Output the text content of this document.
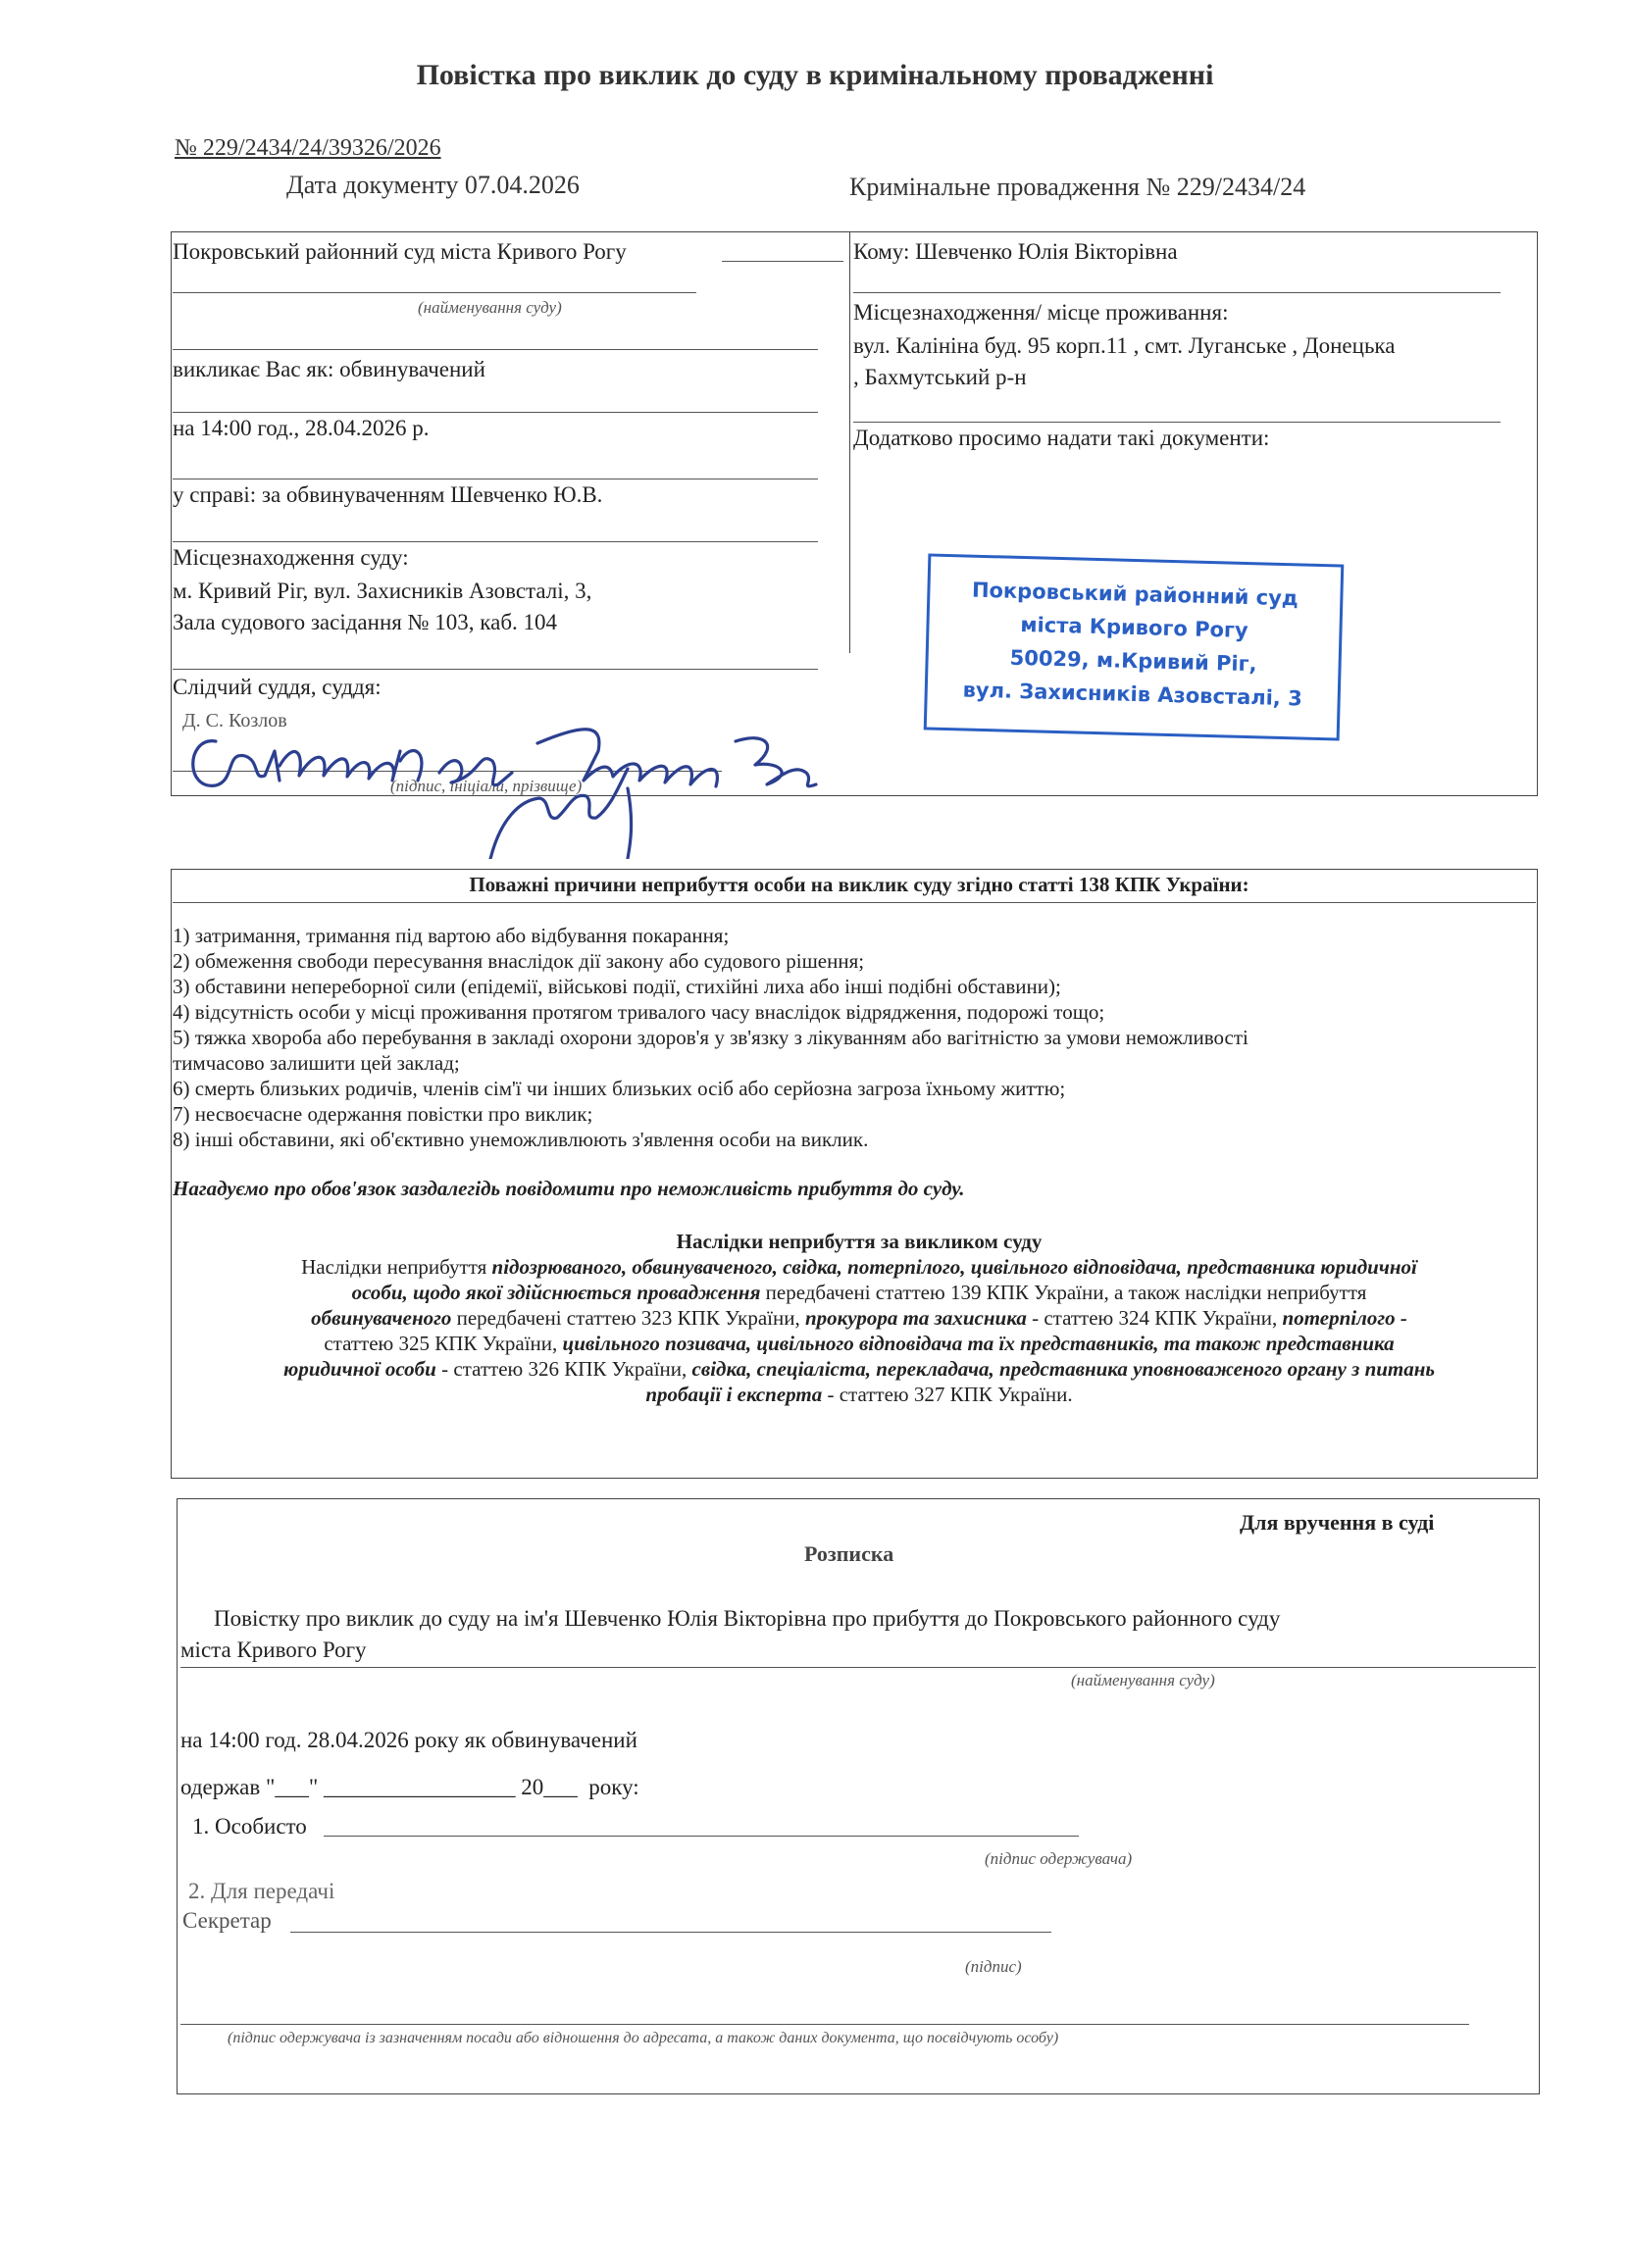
Повістка про виклик до суду в кримінальному провадженні
№ 229/2434/24/39326/2026
Дата документу 07.04.2026	Кримінальне провадження № 229/2434/24
Покровський районний суд міста Кривого Рогу
(найменування суду)
викликає Вас як: обвинувачений
на 14:00 год., 28.04.2026 р.
у справі: за обвинуваченням Шевченко Ю.В.
Місцезнаходження суду:
м. Кривий Ріг, вул. Захисників Азовсталі, 3,
Зала судового засідання № 103, каб. 104
Слідчий суддя, суддя:
Д. С. Козлов
(підпис, ініціали, прізвище)
Кому: Шевченко Юлія Вікторівна
Місцезнаходження/ місце проживання:
вул. Калініна буд. 95 корп.11 , смт. Луганське , Донецька
, Бахмутський р-н
Додатково просимо надати такі документи:
Покровський районний суд
міста Кривого Рогу
50029, м.Кривий Ріг,
вул. Захисників Азовсталі, 3
Поважні причини неприбуття особи на виклик суду згідно статті 138 КПК України:
1) затримання, тримання під вартою або відбування покарання;
2) обмеження свободи пересування внаслідок дії закону або судового рішення;
3) обставини непереборної сили (епідемії, військові події, стихійні лиха або інші подібні обставини);
4) відсутність особи у місці проживання протягом тривалого часу внаслідок відрядження, подорожі тощо;
5) тяжка хвороба або перебування в закладі охорони здоров'я у зв'язку з лікуванням або вагітністю за умови неможливості
тимчасово залишити цей заклад;
6) смерть близьких родичів, членів сім'ї чи інших близьких осіб або серйозна загроза їхньому життю;
7) несвоєчасне одержання повістки про виклик;
8) інші обставини, які об'єктивно унеможливлюють з'явлення особи на виклик.
Нагадуємо про обов'язок заздалегідь повідомити про неможливість прибуття до суду.
Наслідки неприбуття за викликом суду
Наслідки неприбуття підозрюваного, обвинуваченого, свідка, потерпілого, цивільного відповідача, представника юридичної
особи, щодо якої здійснюється провадження передбачені статтею 139 КПК України, а також наслідки неприбуття
обвинуваченого передбачені статтею 323 КПК України, прокурора та захисника - статтею 324 КПК України, потерпілого -
статтею 325 КПК України, цивільного позивача, цивільного відповідача та їх представників, та також представника
юридичної особи - статтею 326 КПК України, свідка, спеціаліста, перекладача, представника уповноваженого органу з питань
пробації і експерта - статтею 327 КПК України.
Для вручення в суді
Розписка
Повістку про виклик до суду на ім'я Шевченко Юлія Вікторівна про прибуття до Покровського районного суду
міста Кривого Рогу
(найменування суду)
на 14:00 год. 28.04.2026 року як обвинувачений
одержав "___" _________________ 20___  року:
1. Особисто
(підпис одержувача)
2. Для передачі
Секретар
(підпис)
(підпис одержувача із зазначенням посади або відношення до адресата, а також даних документа, що посвідчують особу)
